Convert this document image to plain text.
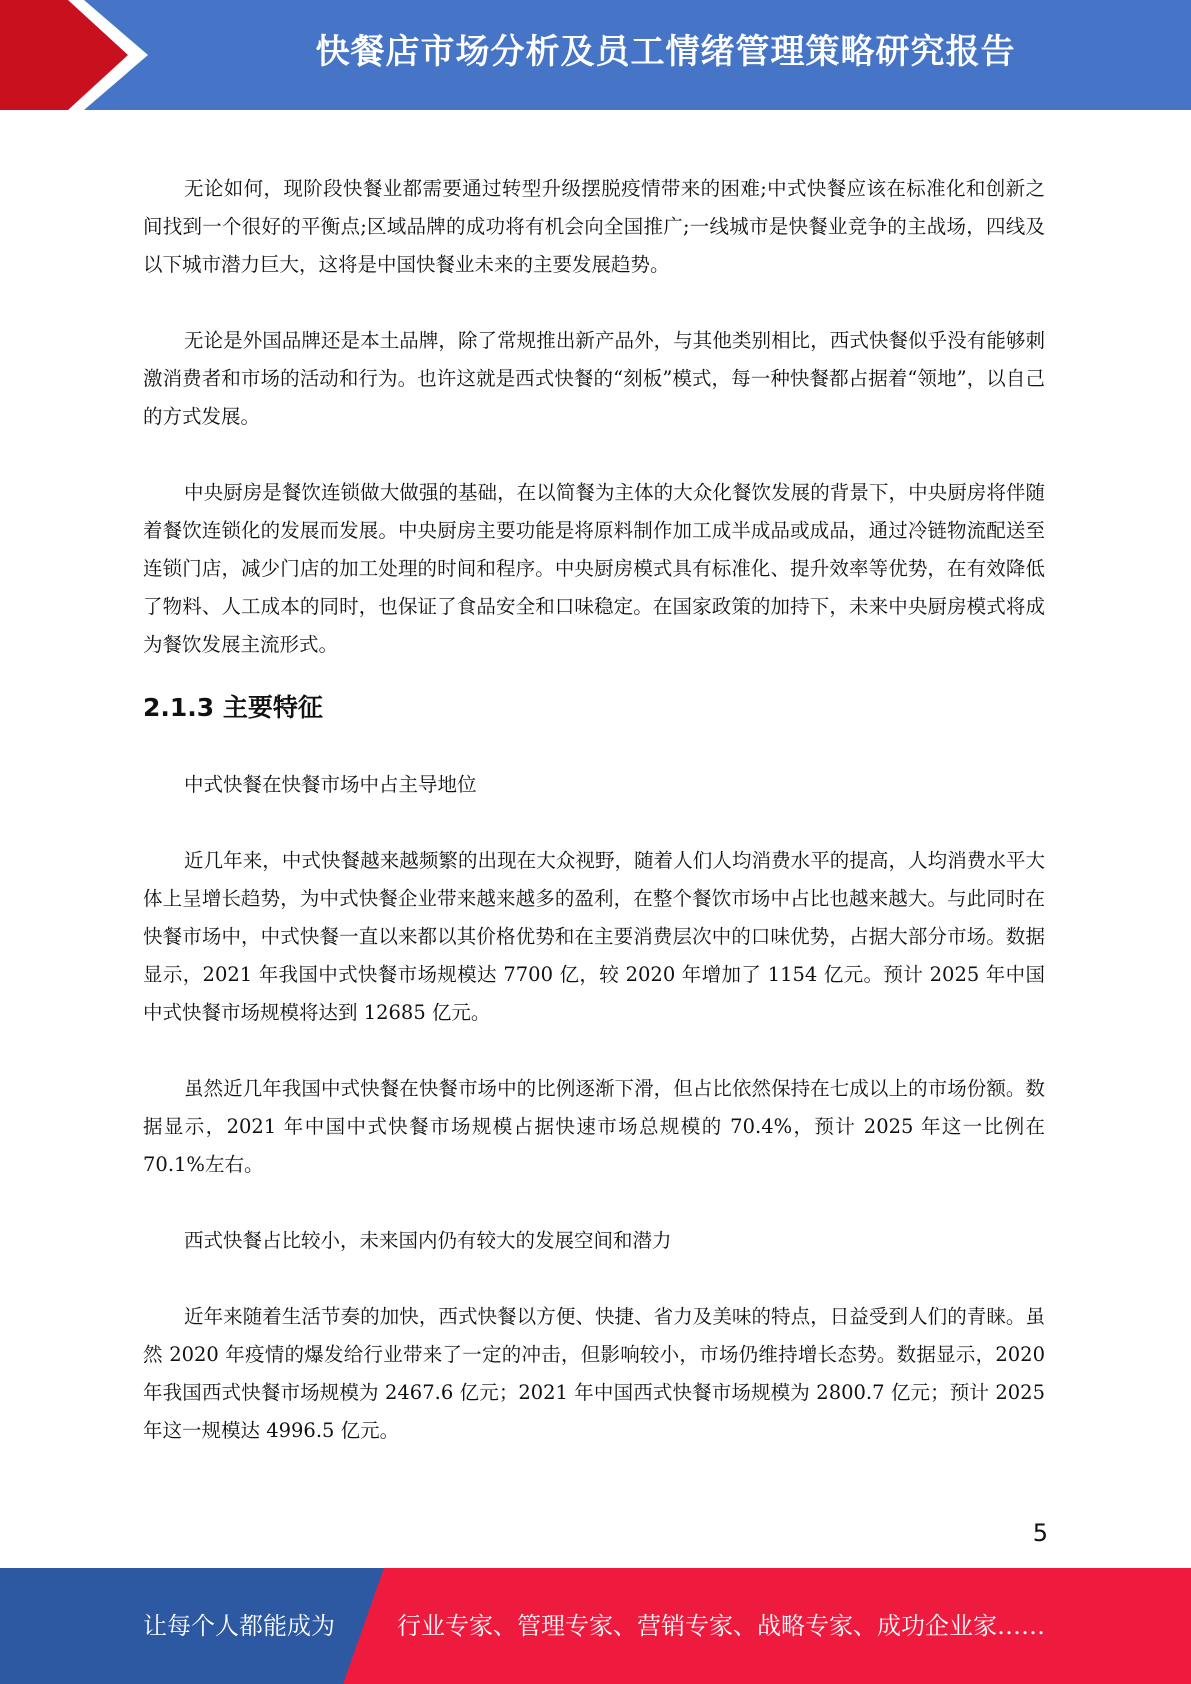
快餐店市场分析及员工情绪管理策略研究报告

无论如何，现阶段快餐业都需要通过转型升级摆脱疫情带来的困难;中式快餐应该在标准化和创新之间找到一个很好的平衡点;区域品牌的成功将有机会向全国推广;一线城市是快餐业竞争的主战场，四线及以下城市潜力巨大，这将是中国快餐业未来的主要发展趋势。

无论是外国品牌还是本土品牌，除了常规推出新产品外，与其他类别相比，西式快餐似乎没有能够刺激消费者和市场的活动和行为。也许这就是西式快餐的“刻板”模式，每一种快餐都占据着“领地”，以自己的方式发展。

中央厨房是餐饮连锁做大做强的基础，在以简餐为主体的大众化餐饮发展的背景下，中央厨房将伴随着餐饮连锁化的发展而发展。中央厨房主要功能是将原料制作加工成半成品或成品，通过冷链物流配送至连锁门店，减少门店的加工处理的时间和程序。中央厨房模式具有标准化、提升效率等优势，在有效降低了物料、人工成本的同时，也保证了食品安全和口味稳定。在国家政策的加持下，未来中央厨房模式将成为餐饮发展主流形式。

2.1.3 主要特征

中式快餐在快餐市场中占主导地位

近几年来，中式快餐越来越频繁的出现在大众视野，随着人们人均消费水平的提高，人均消费水平大体上呈增长趋势，为中式快餐企业带来越来越多的盈利，在整个餐饮市场中占比也越来越大。与此同时在快餐市场中，中式快餐一直以来都以其价格优势和在主要消费层次中的口味优势，占据大部分市场。数据显示，2021 年我国中式快餐市场规模达 7700 亿，较 2020 年增加了 1154 亿元。预计 2025 年中国中式快餐市场规模将达到 12685 亿元。

虽然近几年我国中式快餐在快餐市场中的比例逐渐下滑，但占比依然保持在七成以上的市场份额。数据显示，2021 年中国中式快餐市场规模占据快速市场总规模的 70.4%，预计 2025 年这一比例在 70.1%左右。

西式快餐占比较小，未来国内仍有较大的发展空间和潜力

近年来随着生活节奏的加快，西式快餐以方便、快捷、省力及美味的特点，日益受到人们的青睐。虽然 2020 年疫情的爆发给行业带来了一定的冲击，但影响较小，市场仍维持增长态势。数据显示，2020 年我国西式快餐市场规模为 2467.6 亿元；2021 年中国西式快餐市场规模为 2800.7 亿元；预计 2025 年这一规模达 4996.5 亿元。

5
让每个人都能成为	行业专家、管理专家、营销专家、战略专家、成功企业家……
